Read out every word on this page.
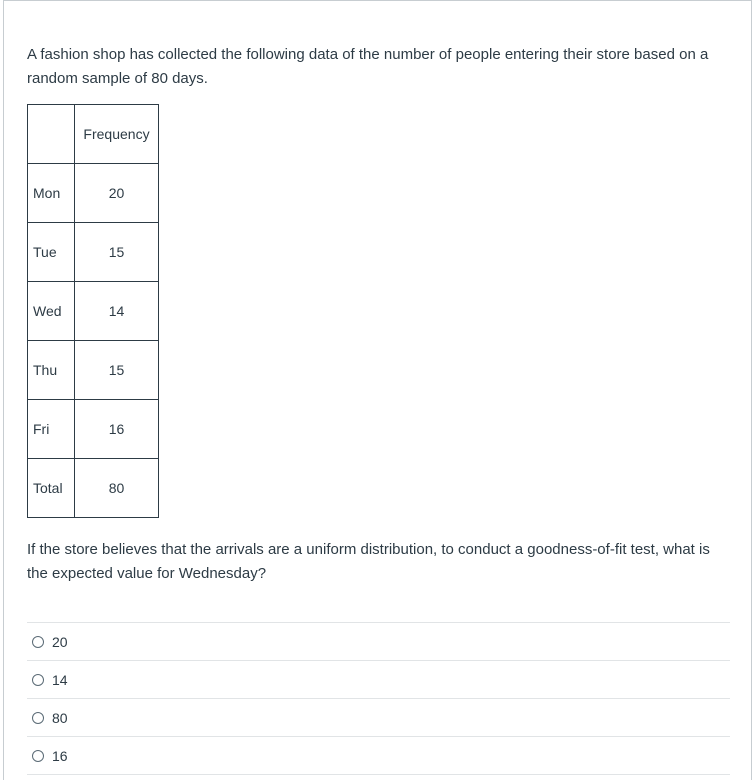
A fashion shop has collected the following data of the number of people entering their store based on a random sample of 80 days.

	Frequency
Mon	20
Tue	15
Wed	14
Thu	15
Fri	16
Total	80

If the store believes that the arrivals are a uniform distribution, to conduct a goodness-of-fit test, what is the expected value for Wednesday?

20
14
80
16
